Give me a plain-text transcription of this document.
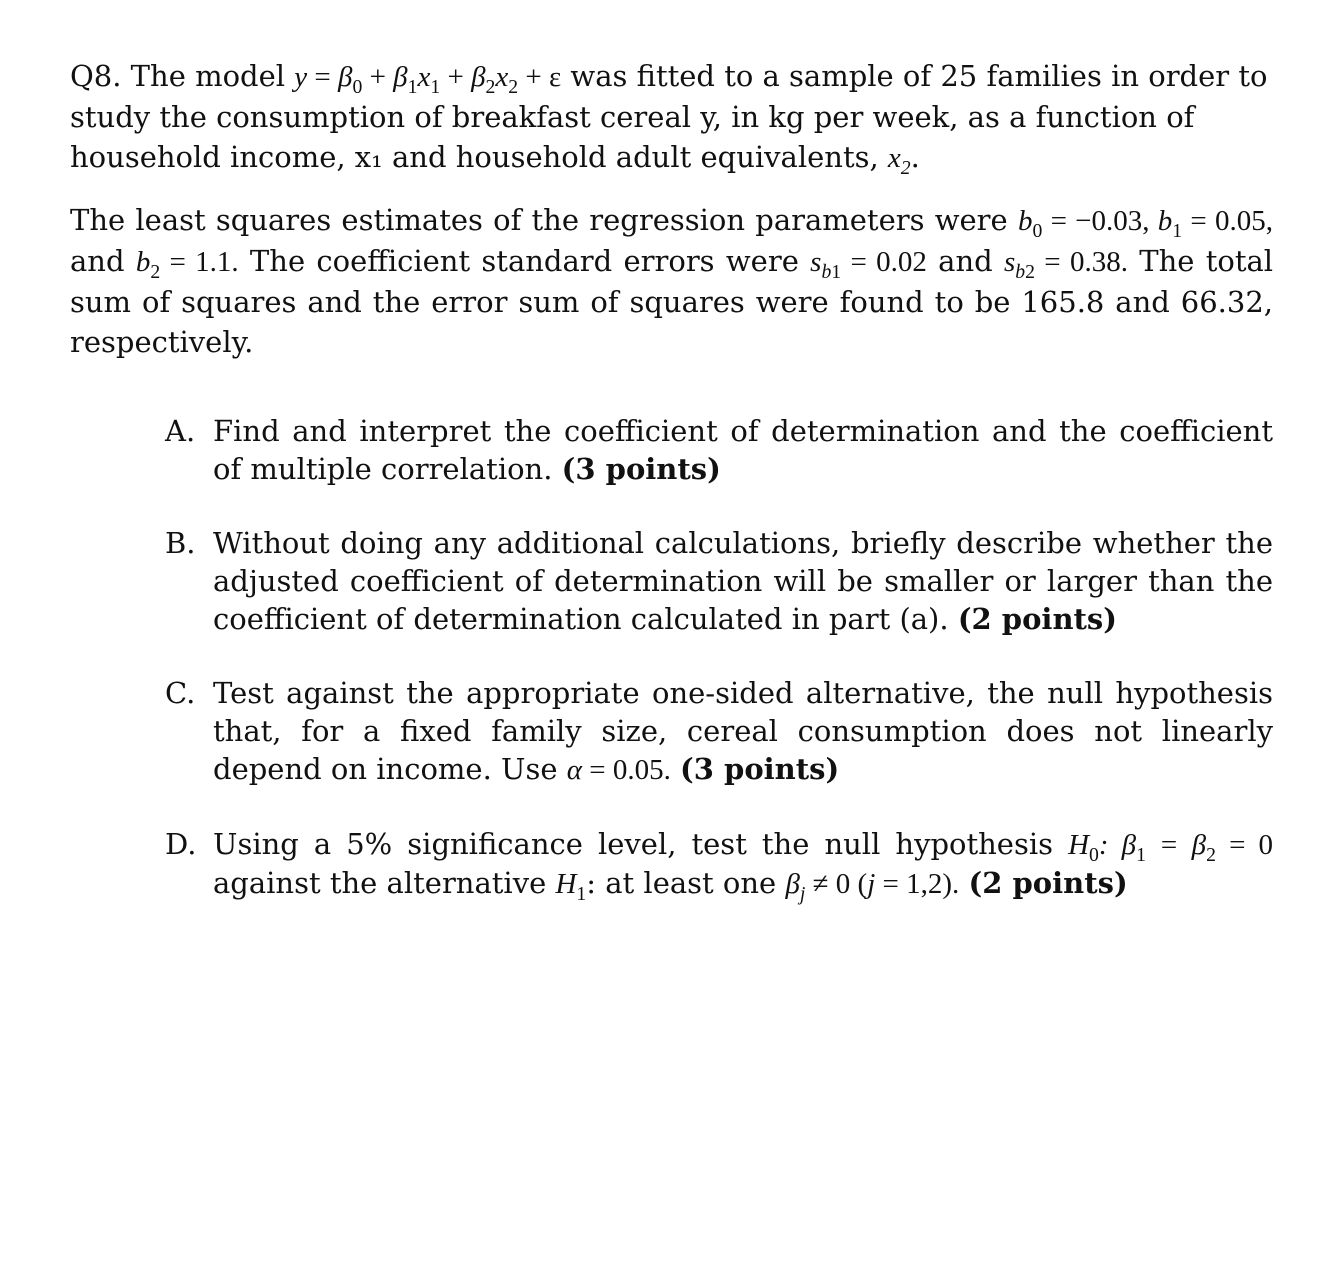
Q8. The model $y = \beta_0 + \beta_1x_1 + \beta_2x_2 + \varepsilon$ was fitted to a sample of 25 families in order to study the consumption of breakfast cereal y, in kg per week, as a function of household income, x₁ and household adult equivalents, $x_2$.

The least squares estimates of the regression parameters were $b_0 = -0.03$, $b_1 = 0.05$, and $b_2 = 1.1$. The coefficient standard errors were $s_{b1} = 0.02$ and $s_{b2} = 0.38$. The total sum of squares and the error sum of squares were found to be 165.8 and 66.32, respectively.

A. Find and interpret the coefficient of determination and the coefficient of multiple correlation. (3 points)
B. Without doing any additional calculations, briefly describe whether the adjusted coefficient of determination will be smaller or larger than the coefficient of determination calculated in part (a). (2 points)
C. Test against the appropriate one-sided alternative, the null hypothesis that, for a fixed family size, cereal consumption does not linearly depend on income. Use α = 0.05. (3 points)
D. Using a 5% significance level, test the null hypothesis $H_0$: $\beta_1 = \beta_2 = 0$ against the alternative $H_1$: at least one $\beta_j \ne 0$ (j = 1,2). (2 points)
